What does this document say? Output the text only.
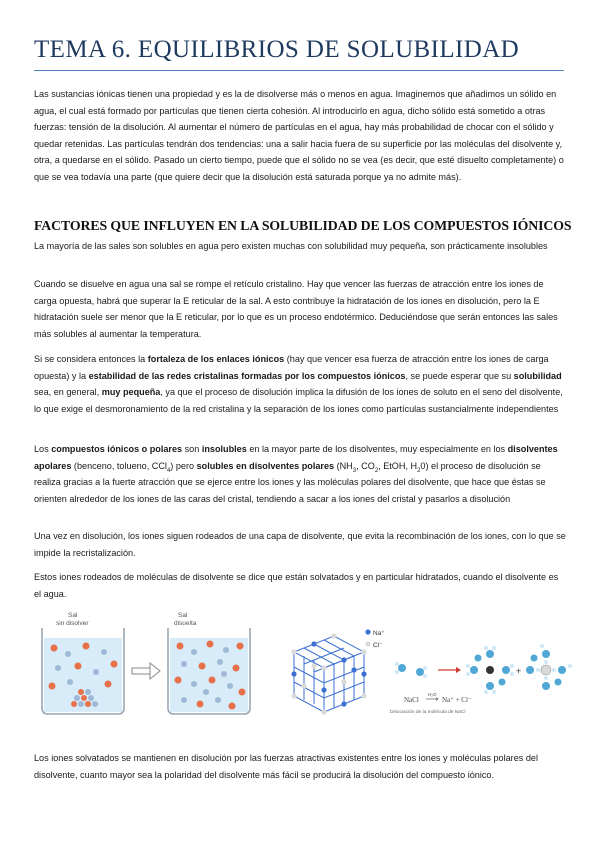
TEMA 6. EQUILIBRIOS DE SOLUBILIDAD

Las sustancias iónicas tienen una propiedad y es la de disolverse más o menos en agua. Imaginemos que añadimos un sólido en agua, el cual está formado por partículas que tienen cierta cohesión. Al introducirlo en agua, dicho sólido está sometido a otras fuerzas: tensión de la disolución. Al aumentar el número de partículas en el agua, hay más probabilidad de chocar con el sólido y quedar retenidas. Las partículas tendrán dos tendencias: una a salir hacia fuera de su superficie por las moléculas del disolvente y, otra, a quedarse en el sólido. Pasado un cierto tiempo, puede que el sólido no se vea (es decir, que esté disuelto completamente) o que se vea todavía una parte (que quiere decir que la disolución está saturada porque ya no admite más).

FACTORES QUE INFLUYEN EN LA SOLUBILIDAD DE LOS COMPUESTOS IÓNICOS

La mayoría de las sales son solubles en agua pero existen muchas con solubilidad muy pequeña, son prácticamente insolubles

Cuando se disuelve en agua una sal se rompe el retículo cristalino. Hay que vencer las fuerzas de atracción entre los iones de carga opuesta, habrá que superar la E reticular de la sal. A esto contribuye la hidratación de los iones en disolución, pero la E hidratación suele ser menor que la E reticular, por lo que es un proceso endotérmico. Deduciéndose que serán entonces las sales más solubles al aumentar la temperatura.

Si se considera entonces la fortaleza de los enlaces iónicos (hay que vencer esa fuerza de atracción entre los iones de carga opuesta) y la estabilidad de las redes cristalinas formadas por los compuestos iónicos, se puede esperar que su solubilidad sea, en general, muy pequeña, ya que el proceso de disolución implica la difusión de los iones de soluto en el seno del disolvente, lo que exige el desmoronamiento de la red cristalina y la separación de los iones como partículas sustancialmente independientes

Los compuestos iónicos o polares son insolubles en la mayor parte de los disolventes, muy especialmente en los disolventes apolares (benceno, tolueno, CCl$_4$) pero solubles en disolventes polares ($NH_3$, $CO_2$, EtOH, $H_20$) el proceso de disolución se realiza gracias a la fuerte atracción que se ejerce entre los iones y las moléculas polares del disolvente, que hace que éstas se orienten alrededor de los iones de las caras del cristal, tendiendo a sacar a los iones del cristal y pasarlos a disolución

Una vez en disolución, los iones siguen rodeados de una capa de disolvente, que evita la recombinación de los iones, con lo que se impide la recristalización.

Estos iones rodeados de moléculas de disolvente se dice que están solvatados y en particular hidratados, cuando el disolvente es el agua.

Sal
sin disolver
Sal
disuelta
Na⁺
Cl⁻
+
NaCl
H₂O
Na⁺ + Cl⁻
Disociación de la molécula de NaCl

Los iones solvatados se mantienen en disolución por las fuerzas atractivas existentes entre los iones y moléculas polares del disolvente, cuanto mayor sea la polaridad del disolvente más fácil se producirá la disolución del compuesto iónico.
